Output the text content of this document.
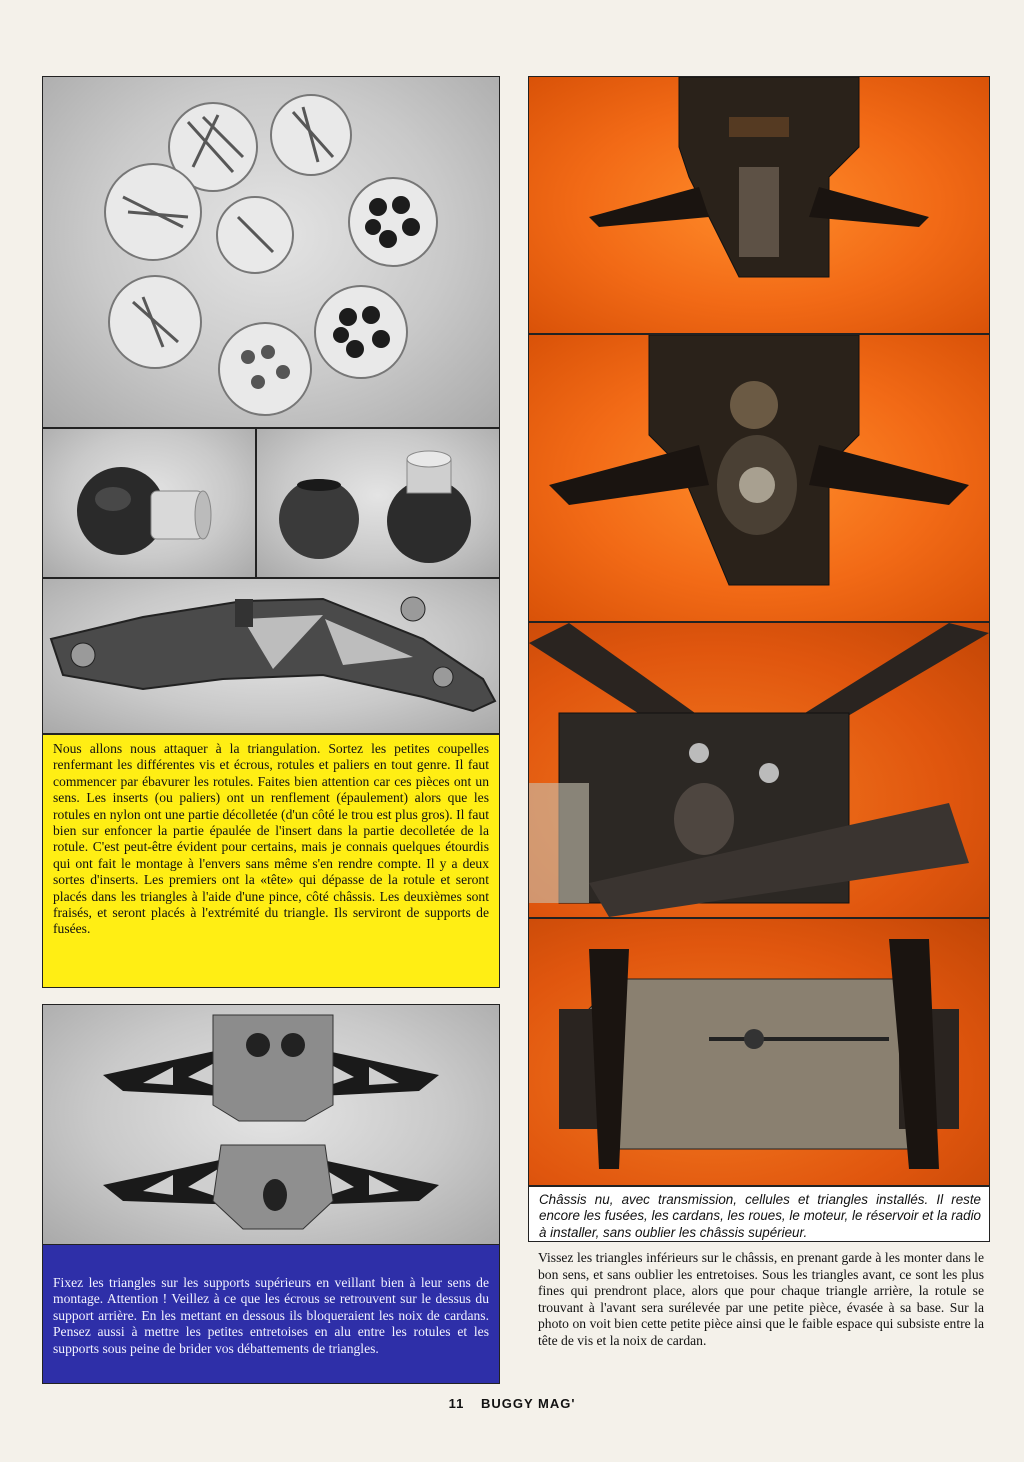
Nous allons nous attaquer à la triangulation. Sortez les petites coupelles renfermant les différentes vis et écrous, rotules et paliers en tout genre. Il faut commencer par ébavurer les rotules. Faites bien attention car ces pièces ont un sens. Les inserts (ou paliers) ont un renflement (épaulement) alors que les rotules en nylon ont une partie décolletée (d'un côté le trou est plus gros). Il faut bien sur enfoncer la partie épaulée de l'insert dans la partie decolletée de la rotule. C'est peut-être évident pour certains, mais je connais quelques étourdis qui ont fait le montage à l'envers sans même s'en rendre compte. Il y a deux sortes d'inserts. Les premiers ont la «tête» qui dépasse de la rotule et seront placés dans les triangles à l'aide d'une pince, côté châssis. Les deuxièmes sont fraisés, et seront placés à l'extrémité du triangle. Ils serviront de supports de fusées.
Fixez les triangles sur les supports supérieurs en veillant bien à leur sens de montage. Attention ! Veillez à ce que les écrous se retrouvent sur le dessus du support arrière. En les mettant en dessous ils bloqueraient les noix de cardans. Pensez aussi à mettre les petites entretoises en alu entre les rotules et les supports sous peine de brider vos débattements de triangles.
Châssis nu, avec transmission, cellules et triangles installés. Il reste encore les fusées, les cardans, les roues, le moteur, le réservoir et la radio à installer, sans oublier les châssis supérieur.
Vissez les triangles inférieurs sur le châssis, en prenant garde à les monter dans le bon sens, et sans oublier les entretoises. Sous les triangles avant, ce sont les plus fines qui prendront place, alors que pour chaque triangle arrière, la rotule se trouvant à l'avant sera surélevée par une petite pièce, évasée à sa base. Sur la photo on voit bien cette petite pièce ainsi que le faible espace qui subsiste entre la tête de vis et la noix de cardan.
11 BUGGY MAG'
